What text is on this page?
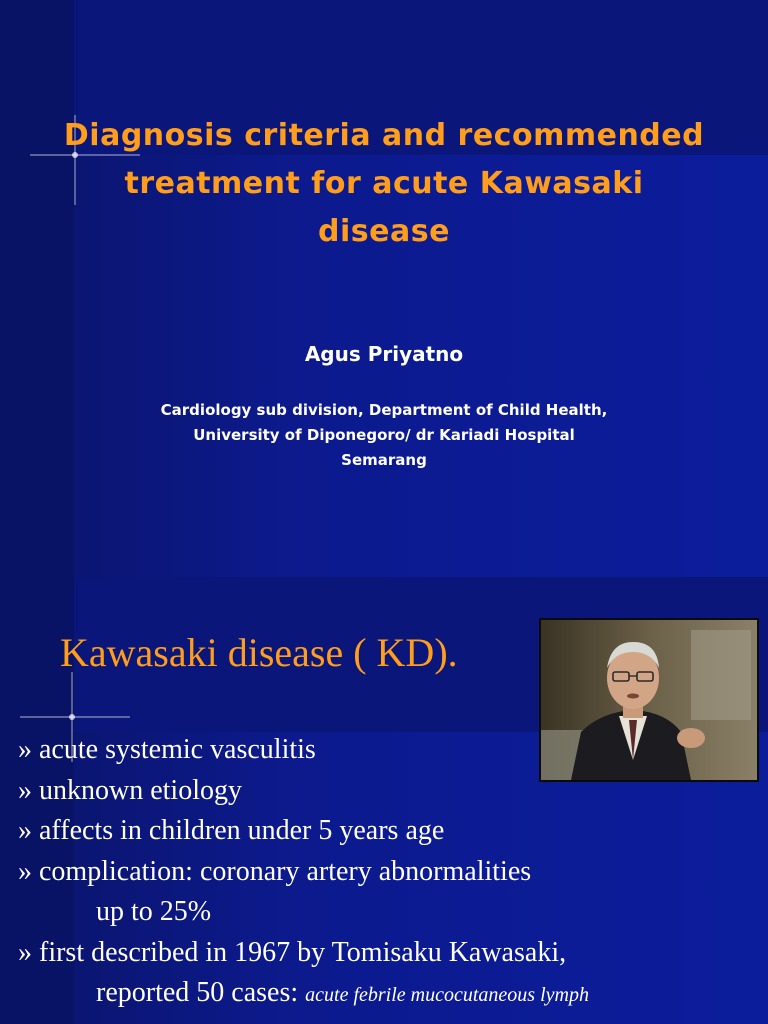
Diagnosis criteria and recommended
treatment for acute Kawasaki
disease
Agus Priyatno
Cardiology sub division, Department of Child Health,
University of Diponegoro/ dr Kariadi Hospital
Semarang
Kawasaki disease ( KD).
» acute systemic vasculitis
» unknown etiology
» affects in children under 5 years age
» complication: coronary artery abnormalities
up to 25%
» first described in 1967 by Tomisaku Kawasaki,
reported 50 cases: acute febrile mucocutaneous lymph
